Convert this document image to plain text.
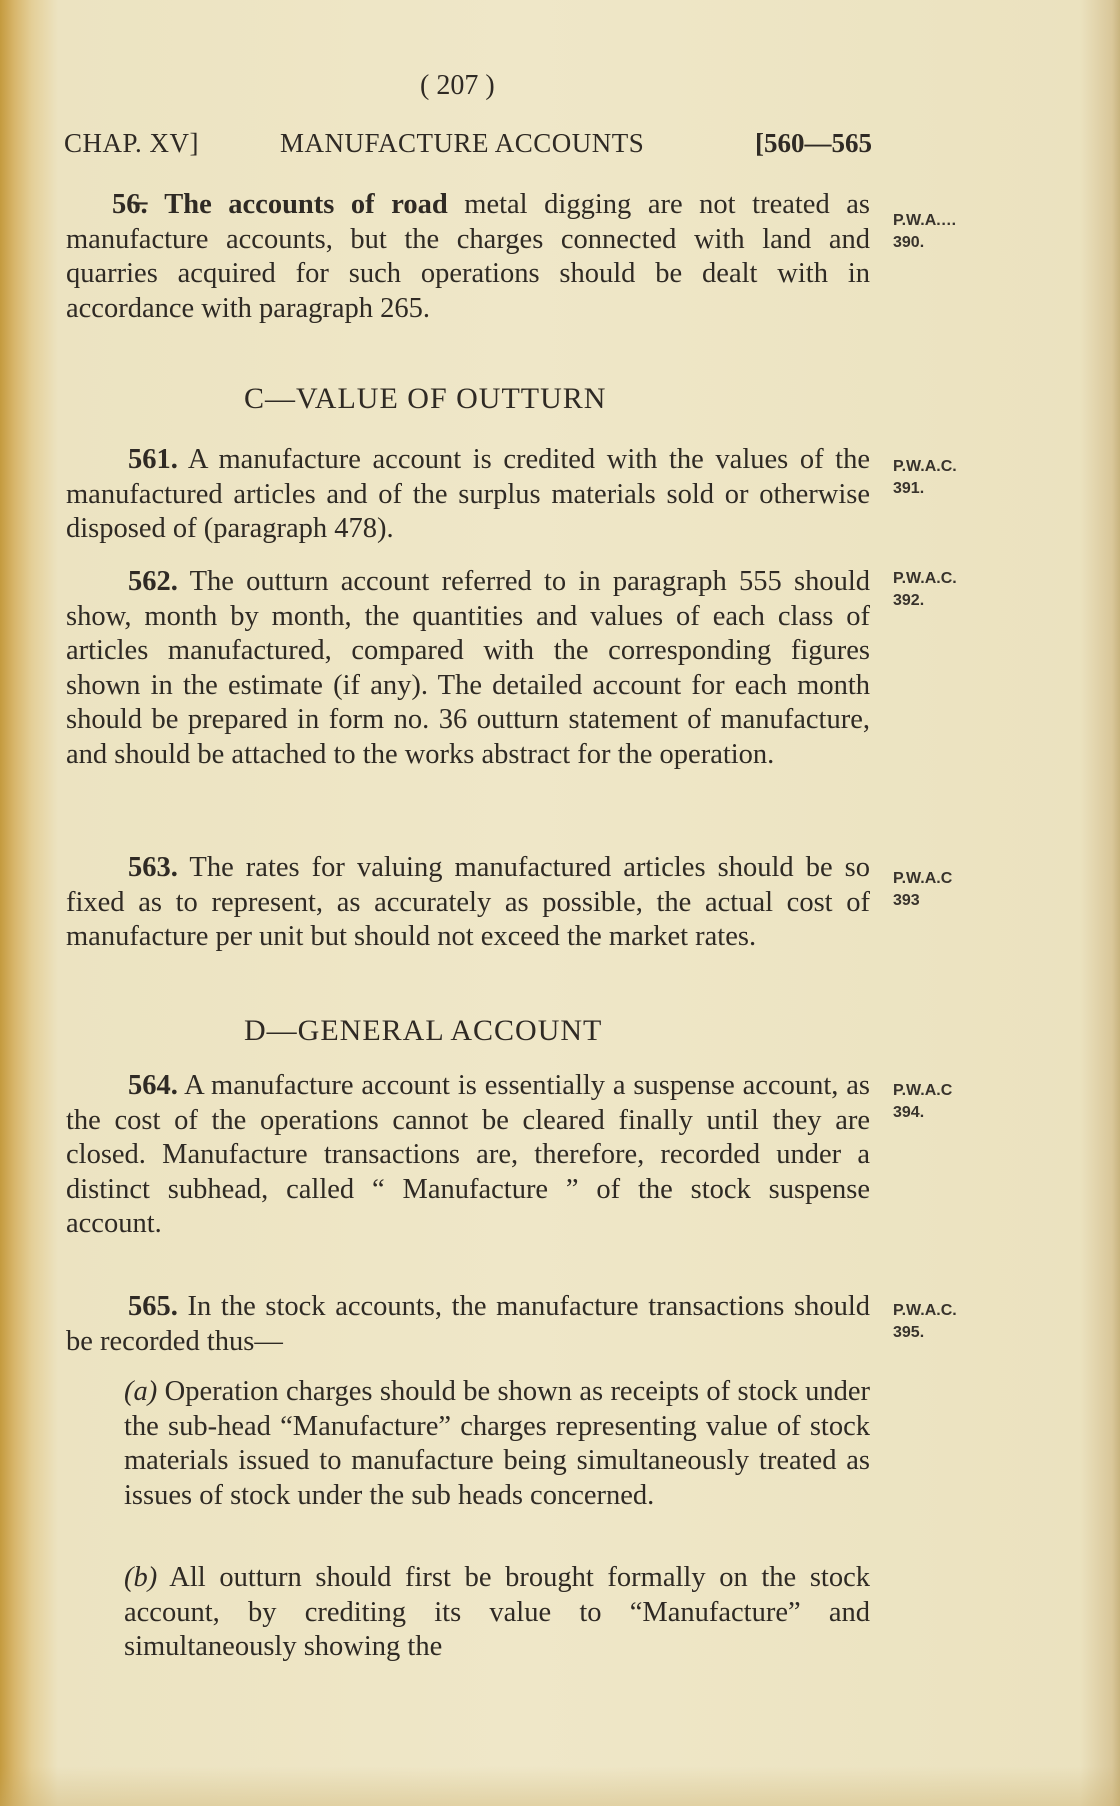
( 207 )
CHAP. XV]	MANUFACTURE ACCOUNTS	[560—565
56̶. The accounts of road metal digging are not treated as manufacture accounts, but the charges connected with land and quarries acquired for such operations should be dealt with in accordance with paragraph 265.
P.W.A.…
390.
C—VALUE OF OUTTURN
561. A manufacture account is credited with the values of the manufactured articles and of the surplus materials sold or otherwise disposed of (paragraph 478).
P.W.A.C.
391.
562. The outturn account referred to in paragraph 555 should show, month by month, the quantities and values of each class of articles manufactured, compared with the corresponding figures shown in the estimate (if any). The detailed account for each month should be prepared in form no. 36 outturn statement of manufacture, and should be attached to the works abstract for the operation.
P.W.A.C.
392.
563. The rates for valuing manufactured articles should be so fixed as to represent, as accurately as possible, the actual cost of manufacture per unit but should not exceed the market rates.
P.W.A.C
393
D—GENERAL ACCOUNT
564. A manufacture account is essentially a suspense account, as the cost of the operations cannot be cleared finally until they are closed. Manufacture transactions are, therefore, recorded under a distinct subhead, called “ Manufacture ” of the stock suspense account.
P.W.A.C
394.
565. In the stock accounts, the manufacture transactions should be recorded thus—
P.W.A.C.
395.
(a) Operation charges should be shown as receipts of stock under the sub-head “Manufacture” charges representing value of stock materials issued to manufacture being simultaneously treated as issues of stock under the sub heads concerned.
(b) All outturn should first be brought formally on the stock account, by crediting its value to “Manufacture” and simultaneously showing the
